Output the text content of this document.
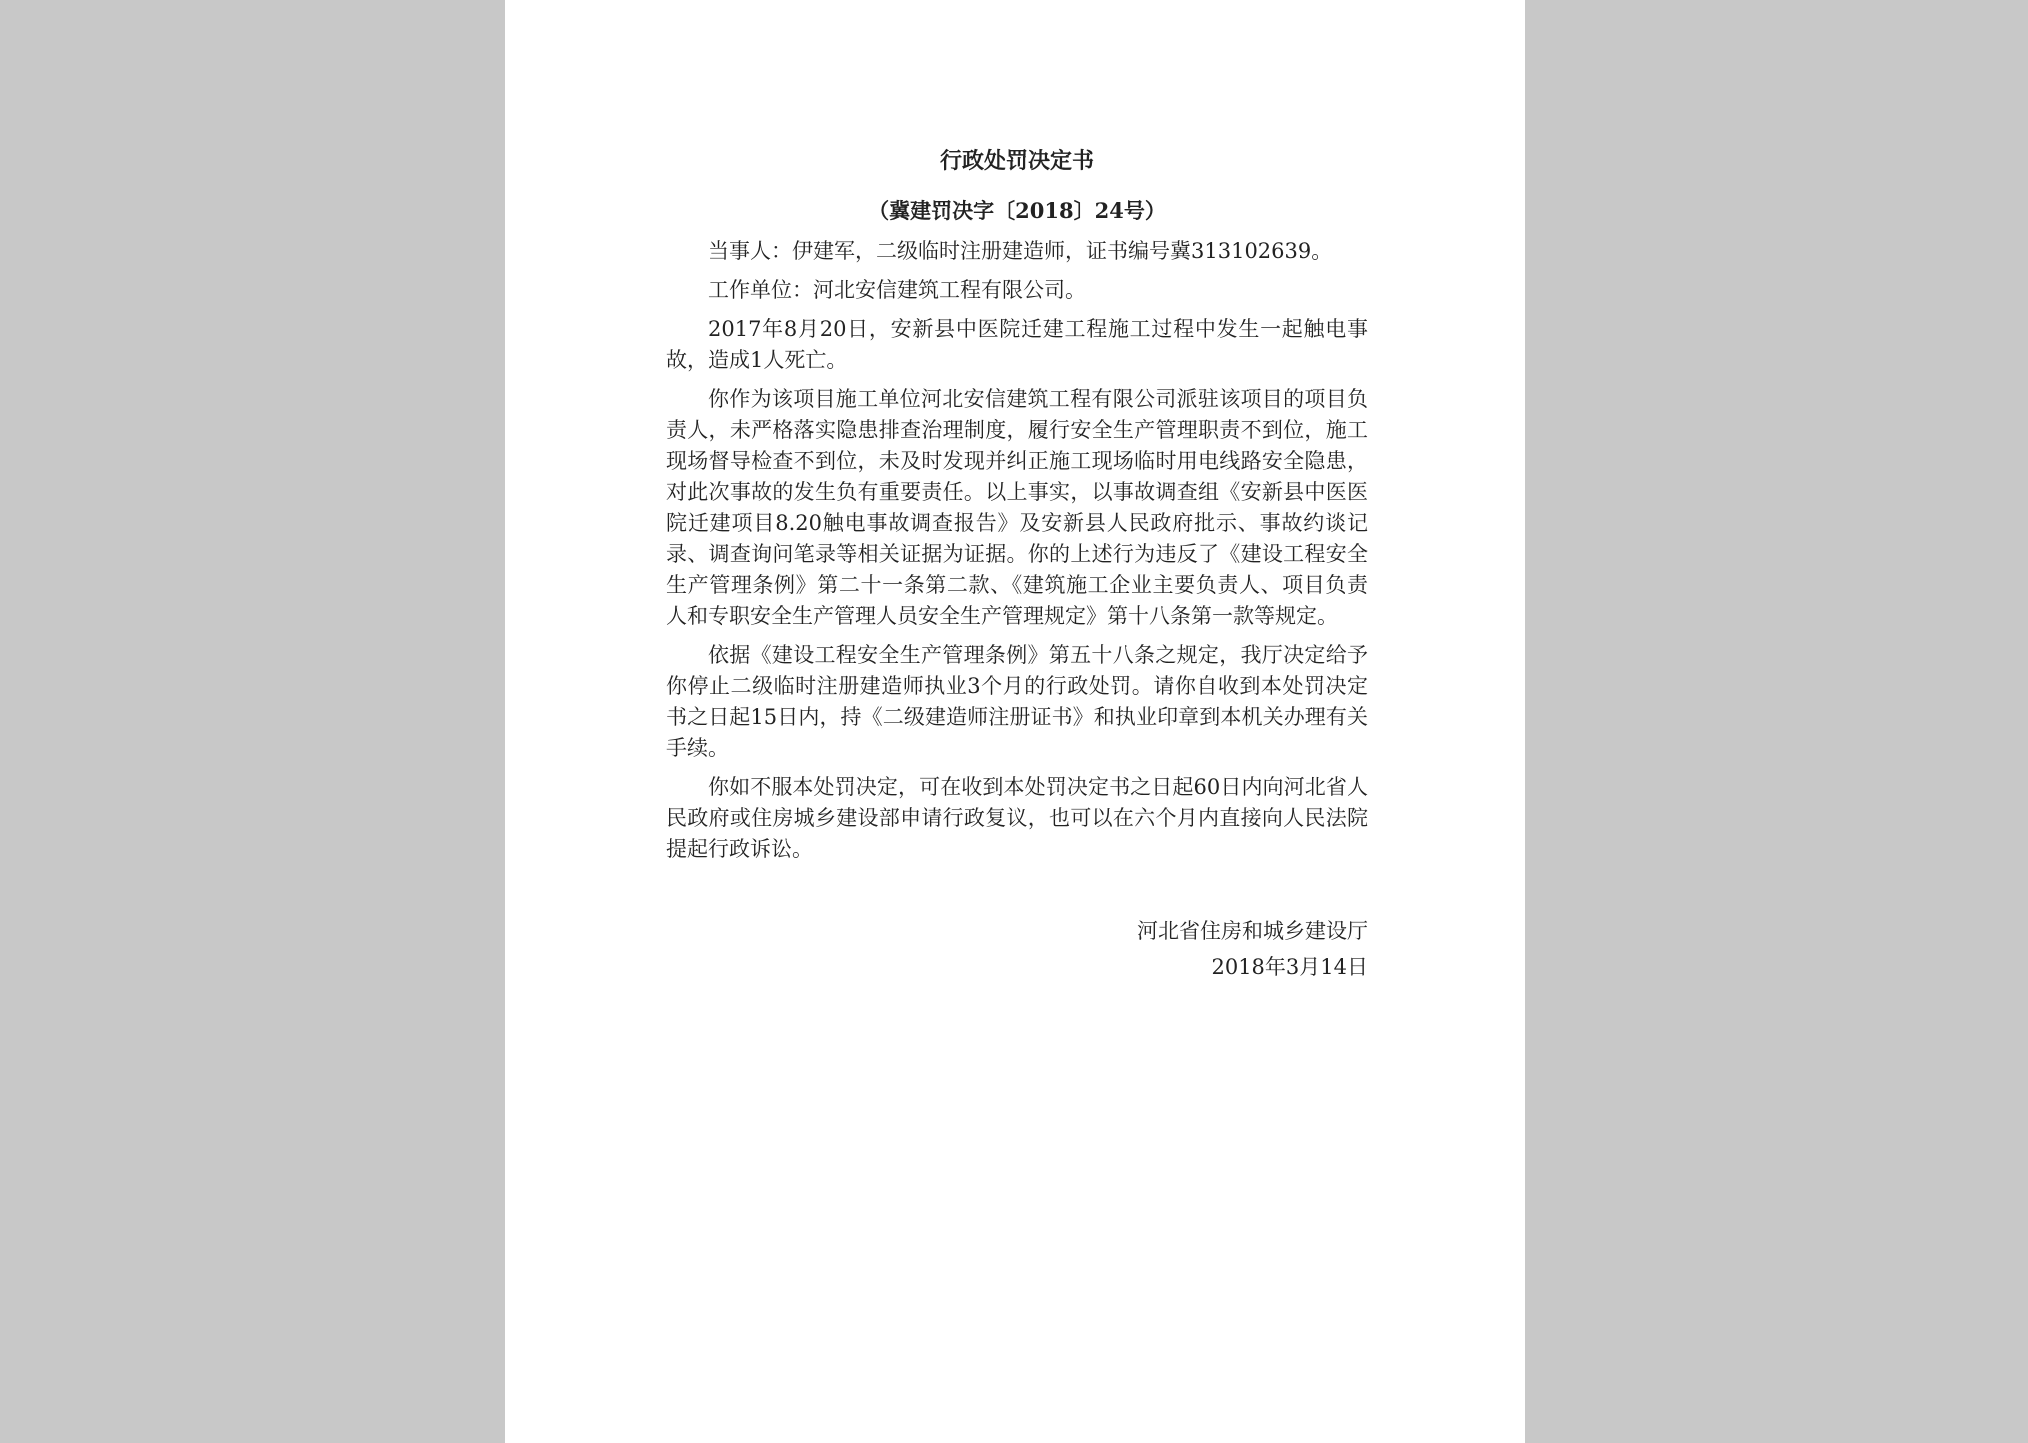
行政处罚决定书
（冀建罚决字〔2018〕24号）

当事人：伊建军，二级临时注册建造师，证书编号冀313102639。

工作单位：河北安信建筑工程有限公司。

2017年8月20日，安新县中医院迁建工程施工过程中发生一起触电事故，造成1人死亡。

你作为该项目施工单位河北安信建筑工程有限公司派驻该项目的项目负责人，未严格落实隐患排查治理制度，履行安全生产管理职责不到位，施工现场督导检查不到位，未及时发现并纠正施工现场临时用电线路安全隐患，对此次事故的发生负有重要责任。以上事实，以事故调查组《安新县中医医院迁建项目8.20触电事故调查报告》及安新县人民政府批示、事故约谈记录、调查询问笔录等相关证据为证据。你的上述行为违反了《建设工程安全生产管理条例》第二十一条第二款、《建筑施工企业主要负责人、项目负责人和专职安全生产管理人员安全生产管理规定》第十八条第一款等规定。

依据《建设工程安全生产管理条例》第五十八条之规定，我厅决定给予你停止二级临时注册建造师执业3个月的行政处罚。请你自收到本处罚决定书之日起15日内，持《二级建造师注册证书》和执业印章到本机关办理有关手续。

你如不服本处罚决定，可在收到本处罚决定书之日起60日内向河北省人民政府或住房城乡建设部申请行政复议，也可以在六个月内直接向人民法院提起行政诉讼。

河北省住房和城乡建设厅
2018年3月14日
